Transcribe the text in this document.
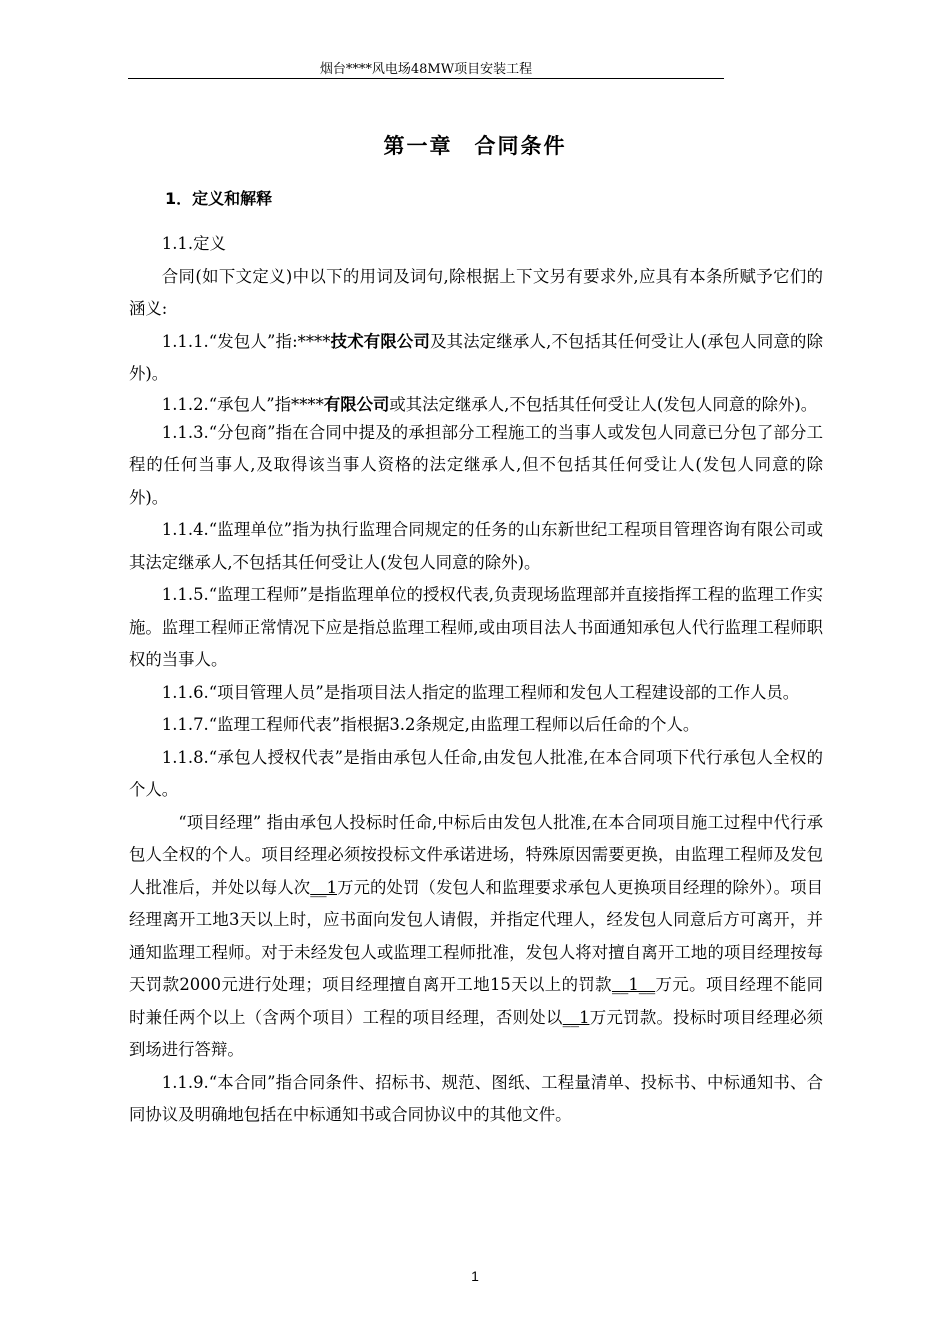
烟台****风电场48MW项目安装工程
第一章 合同条件
1．定义和解释

1.1.定义

合同(如下文定义)中以下的用词及词句,除根据上下文另有要求外,应具有本条所赋予它们的涵义:

1.1.1.“发包人”指:****技术有限公司及其法定继承人,不包括其任何受让人(承包人同意的除外)。

1.1.2.“承包人”指****有限公司或其法定继承人,不包括其任何受让人(发包人同意的除外)。

1.1.3.“分包商”指在合同中提及的承担部分工程施工的当事人或发包人同意已分包了部分工程的任何当事人,及取得该当事人资格的法定继承人,但不包括其任何受让人(发包人同意的除外)。

1.1.4.“监理单位”指为执行监理合同规定的任务的山东新世纪工程项目管理咨询有限公司或其法定继承人,不包括其任何受让人(发包人同意的除外)。

1.1.5.“监理工程师”是指监理单位的授权代表,负责现场监理部并直接指挥工程的监理工作实施。监理工程师正常情况下应是指总监理工程师,或由项目法人书面通知承包人代行监理工程师职权的当事人。

1.1.6.“项目管理人员”是指项目法人指定的监理工程师和发包人工程建设部的工作人员。

1.1.7.“监理工程师代表”指根据3.2条规定,由监理工程师以后任命的个人。

1.1.8.“承包人授权代表”是指由承包人任命,由发包人批准,在本合同项下代行承包人全权的个人。

“项目经理” 指由承包人投标时任命,中标后由发包人批准,在本合同项目施工过程中代行承包人全权的个人。项目经理必须按投标文件承诺进场，特殊原因需要更换，由监理工程师及发包人批准后，并处以每人次__1万元的处罚（发包人和监理要求承包人更换项目经理的除外）。项目经理离开工地3天以上时，应书面向发包人请假，并指定代理人，经发包人同意后方可离开，并通知监理工程师。对于未经发包人或监理工程师批准，发包人将对擅自离开工地的项目经理按每天罚款2000元进行处理；项目经理擅自离开工地15天以上的罚款__1__万元。项目经理不能同时兼任两个以上（含两个项目）工程的项目经理，否则处以__1万元罚款。投标时项目经理必须到场进行答辩。

1.1.9.“本合同”指合同条件、招标书、规范、图纸、工程量清单、投标书、中标通知书、合同协议及明确地包括在中标通知书或合同协议中的其他文件。

1
